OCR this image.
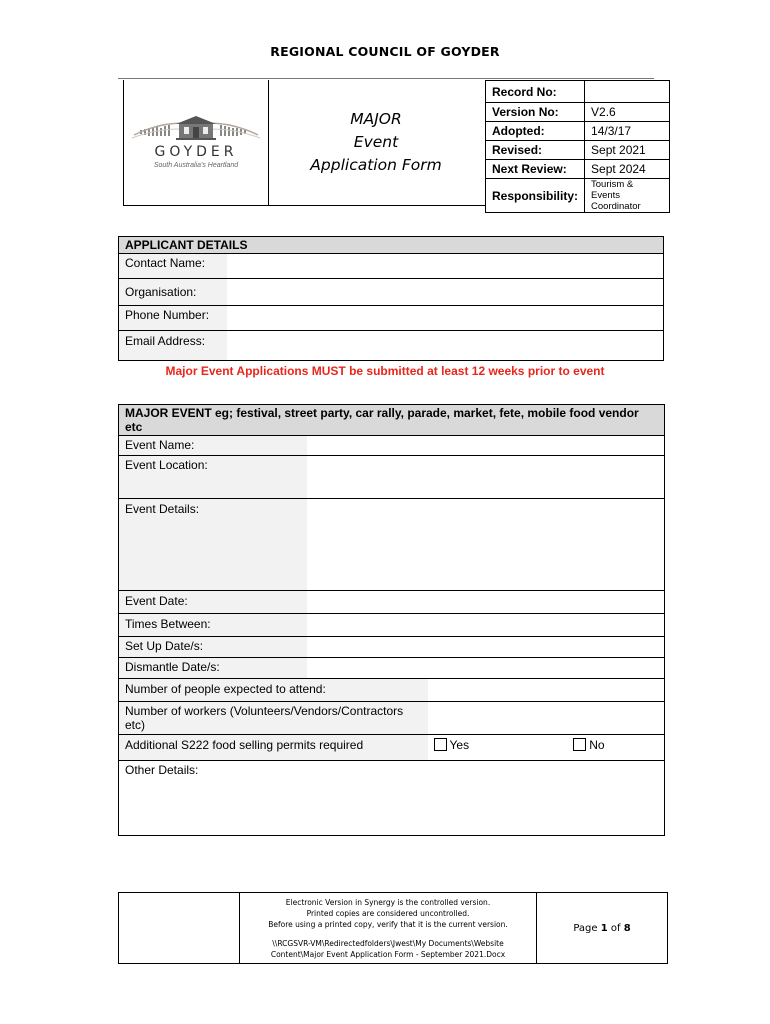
REGIONAL COUNCIL OF GOYDER
GOYDER
South Australia's Heartland
MAJOR
Event
Application Form
Record No:	
Version No:	V2.6
Adopted:	14/3/17
Revised:	Sept 2021
Next Review:	Sept 2024
Responsibility:	Tourism & Events Coordinator
APPLICANT DETAILS	
Contact Name:	
Organisation:	
Phone Number:	
Email Address:	
Major Event Applications MUST be submitted at least 12 weeks prior to event
MAJOR EVENT eg; festival, street party, car rally, parade, market, fete, mobile food vendor etc		
Event Name:		
Event Location:		
Event Details:		
Event Date:		
Times Between:		
Set Up Date/s:		
Dismantle Date/s:		
Number of people expected to attend:		
Number of workers (Volunteers/Vendors/Contractors etc)		
Additional S222 food selling permits required		Yes No

Other Details:		

Electronic Version in Synergy is the controlled version.
Printed copies are considered uncontrolled.
Before using a printed copy, verify that it is the current version.
\\RCGSVR-VM\Redirectedfolders\Jwest\My Documents\Website
Content\Major Event Application Form - September 2021.Docx
	Page 1 of 8
